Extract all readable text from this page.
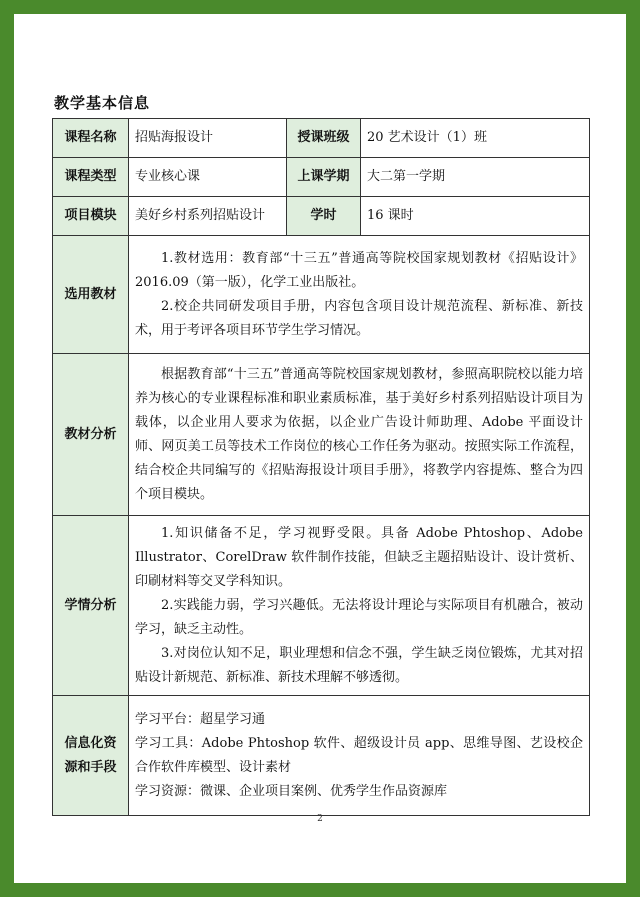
教学基本信息
课程名称	招贴海报设计	授课班级	20 艺术设计（1）班
课程类型	专业核心课	上课学期	大二第一学期
项目模块	美好乡村系列招贴设计	学时	16 课时
选用教材	1.教材选用：教育部“十三五”普通高等院校国家规划教材《招贴设计》2016.09（第一版），化学工业出版社。
2.校企共同研发项目手册，内容包含项目设计规范流程、新标准、新技术，用于考评各项目环节学生学习情况。		

教材分析	根据教育部“十三五”普通高等院校国家规划教材，参照高职院校以能力培养为核心的专业课程标准和职业素质标准，基于美好乡村系列招贴设计项目为载体，以企业用人要求为依据，以企业广告设计师助理、Adobe 平面设计师、网页美工员等技术工作岗位的核心工作任务为驱动。按照实际工作流程，结合校企共同编写的《招贴海报设计项目手册》，将教学内容提炼、整合为四个项目模块。		

学情分析	1.知识储备不足，学习视野受限。具备 Adobe Phtoshop、Adobe Illustrator、CorelDraw 软件制作技能，但缺乏主题招贴设计、设计赏析、印刷材料等交叉学科知识。
2.实践能力弱，学习兴趣低。无法将设计理论与实际项目有机融合，被动学习，缺乏主动性。
3.对岗位认知不足，职业理想和信念不强，学生缺乏岗位锻炼，尤其对招贴设计新规范、新标准、新技术理解不够透彻。		

信息化资
源和手段	学习平台：超星学习通
学习工具：Adobe Phtoshop 软件、超级设计员 app、思维导图、艺设校企合作软件库模型、设计素材
学习资源：微课、企业项目案例、优秀学生作品资源库		
2
